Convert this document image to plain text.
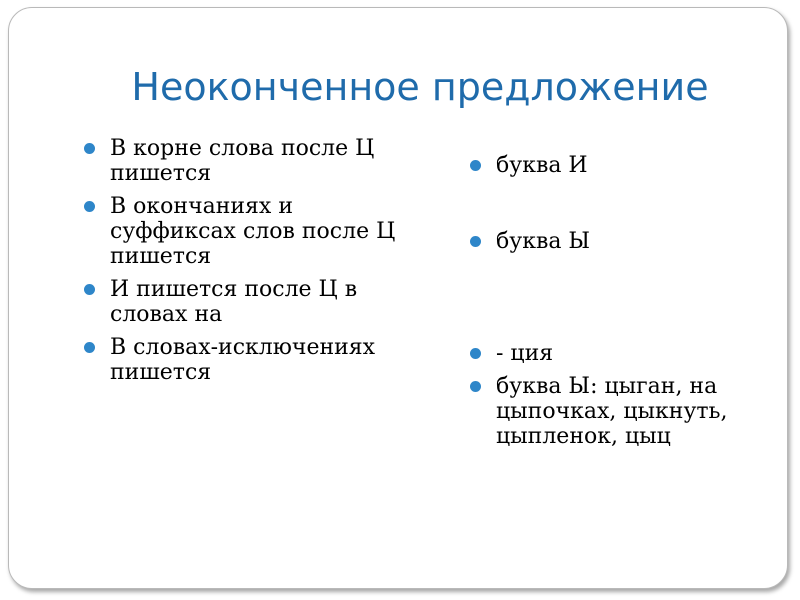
Неоконченное предложение
В корне слова после Ц пишется
В окончаниях и суффиксах слов после Ц пишется
И пишется после Ц в словах на
В словах-исключениях пишется
буква И
буква Ы
- ция
буква Ы: цыган, на цыпочках, цыкнуть, цыпленок, цыц
